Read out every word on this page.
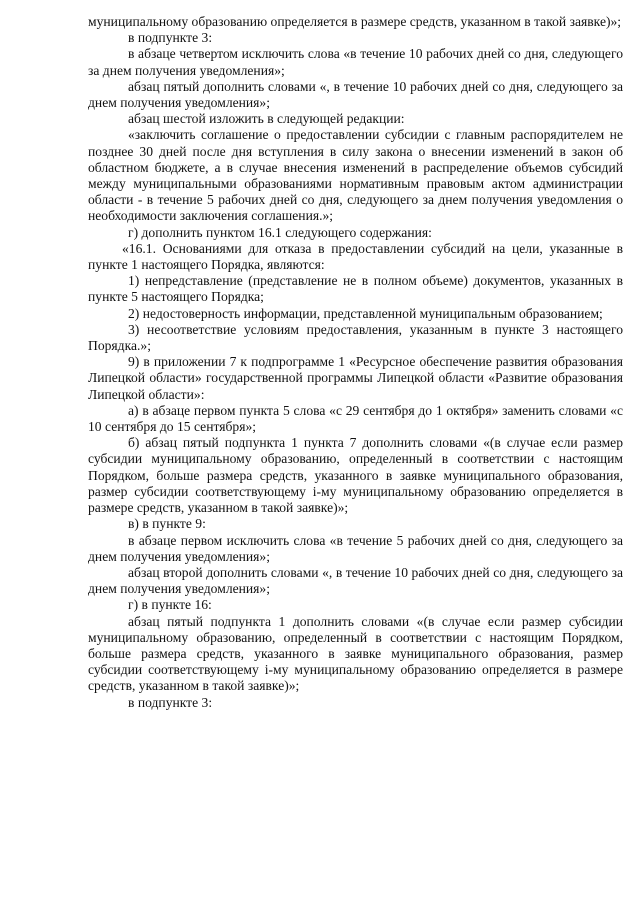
муниципальному образованию определяется в размере средств, указанном в такой заявке)»;

в подпункте 3:

в абзаце четвертом исключить слова «в течение 10 рабочих дней со дня, следующего за днем получения уведомления»;

абзац пятый дополнить словами «, в течение 10 рабочих дней со дня, следующего за днем получения уведомления»;

абзац шестой изложить в следующей редакции:

«заключить соглашение о предоставлении субсидии с главным распорядителем не позднее 30 дней после дня вступления в силу закона о внесении изменений в закон об областном бюджете, а в случае внесения изменений в распределение объемов субсидий между муниципальными образованиями нормативным правовым актом администрации области - в течение 5 рабочих дней со дня, следующего за днем получения уведомления о необходимости заключения соглашения.»;

г) дополнить пунктом 16.1 следующего содержания:

«16.1. Основаниями для отказа в предоставлении субсидий на цели, указанные в пункте 1 настоящего Порядка, являются:

1) непредставление (представление не в полном объеме) документов, указанных в пункте 5 настоящего Порядка;

2) недостоверность информации, представленной муниципальным образованием;

3) несоответствие условиям предоставления, указанным в пункте 3 настоящего Порядка.»;

9) в приложении 7 к подпрограмме 1 «Ресурсное обеспечение развития образования Липецкой области» государственной программы Липецкой области «Развитие образования Липецкой области»:

а) в абзаце первом пункта 5 слова «с 29 сентября до 1 октября» заменить словами «с 10 сентября до 15 сентября»;

б) абзац пятый подпункта 1 пункта 7 дополнить словами «(в случае если размер субсидии муниципальному образованию, определенный в соответствии с настоящим Порядком, больше размера средств, указанного в заявке муниципального образования, размер субсидии соответствующему i-му муниципальному образованию определяется в размере средств, указанном в такой заявке)»;

в) в пункте 9:

в абзаце первом исключить слова «в течение 5 рабочих дней со дня, следующего за днем получения уведомления»;

абзац второй дополнить словами «, в течение 10 рабочих дней со дня, следующего за днем получения уведомления»;

г) в пункте 16:

абзац пятый подпункта 1 дополнить словами «(в случае если размер субсидии муниципальному образованию, определенный в соответствии с настоящим Порядком, больше размера средств, указанного в заявке муниципального образования, размер субсидии соответствующему i-му муниципальному образованию определяется в размере средств, указанном в такой заявке)»;

в подпункте 3:
